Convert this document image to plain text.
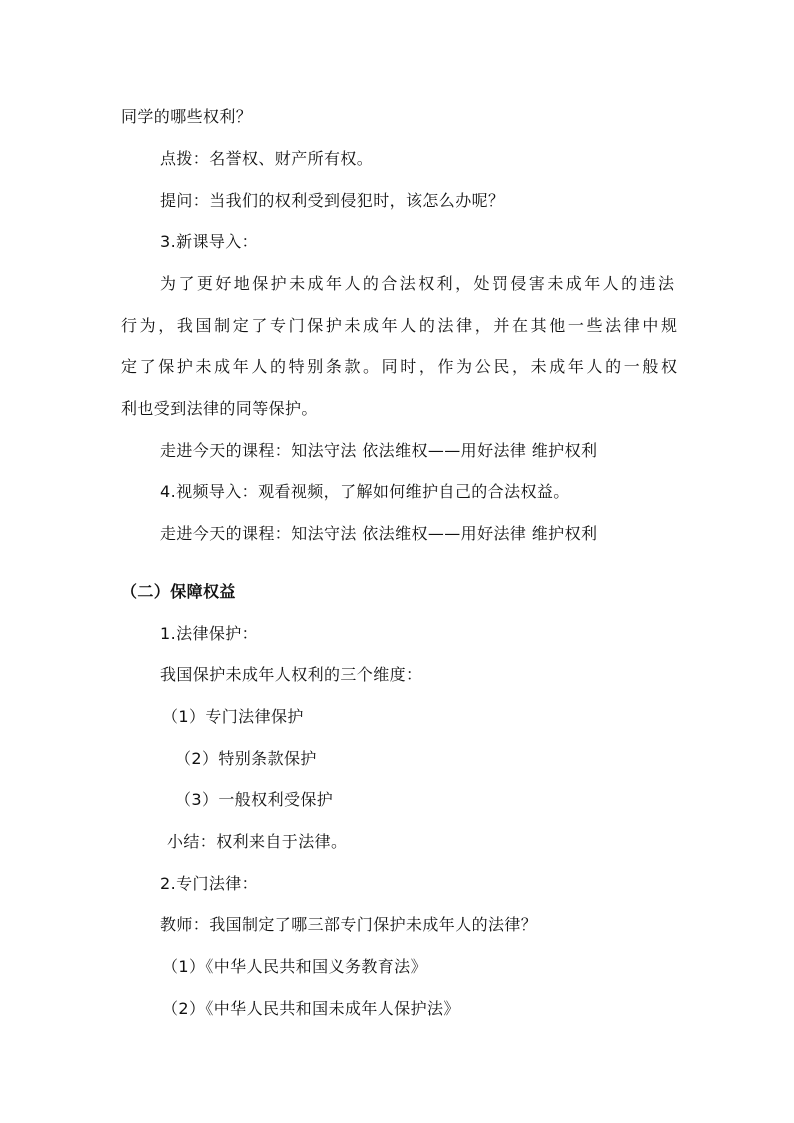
同学的哪些权利？
点拨：名誉权、财产所有权。
提问：当我们的权利受到侵犯时，该怎么办呢？
3.新课导入：
为了更好地保护未成年人的合法权利，处罚侵害未成年人的违法
行为，我国制定了专门保护未成年人的法律，并在其他一些法律中规
定了保护未成年人的特别条款。同时，作为公民，未成年人的一般权
利也受到法律的同等保护。
走进今天的课程：知法守法 依法维权——用好法律 维护权利
4.视频导入：观看视频，了解如何维护自己的合法权益。
走进今天的课程：知法守法 依法维权——用好法律 维护权利
（二）保障权益
1.法律保护：
我国保护未成年人权利的三个维度：
（1）专门法律保护
（2）特别条款保护
（3）一般权利受保护
小结：权利来自于法律。
2.专门法律：
教师：我国制定了哪三部专门保护未成年人的法律？
（1）《中华人民共和国义务教育法》
（2）《中华人民共和国未成年人保护法》
